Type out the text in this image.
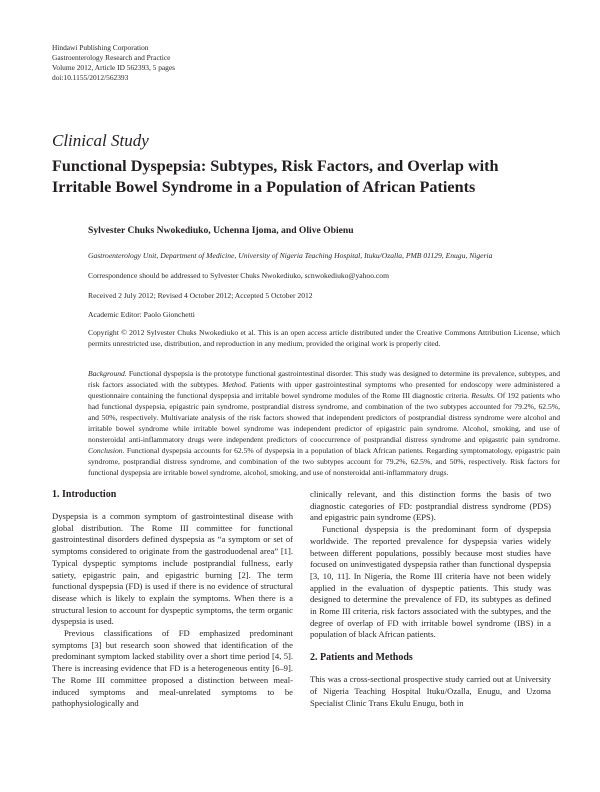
Hindawi Publishing Corporation
Gastroenterology Research and Practice
Volume 2012, Article ID 562393, 5 pages
doi:10.1155/2012/562393
Clinical Study
Functional Dyspepsia: Subtypes, Risk Factors, and Overlap with
Irritable Bowel Syndrome in a Population of African Patients
Sylvester Chuks Nwokediuko, Uchenna Ijoma, and Olive Obienu
Gastroenterology Unit, Department of Medicine, University of Nigeria Teaching Hospital, Ituku/Ozalla, PMB 01129, Enugu, Nigeria
Correspondence should be addressed to Sylvester Chuks Nwokediuko, scnwokediuko@yahoo.com
Received 2 July 2012; Revised 4 October 2012; Accepted 5 October 2012
Academic Editor: Paolo Gionchetti
Copyright © 2012 Sylvester Chuks Nwokediuko et al. This is an open access article distributed under the Creative Commons Attribution License, which permits unrestricted use, distribution, and reproduction in any medium, provided the original work is properly cited.
Background. Functional dyspepsia is the prototype functional gastrointestinal disorder. This study was designed to determine its prevalence, subtypes, and risk factors associated with the subtypes. Method. Patients with upper gastrointestinal symptoms who presented for endoscopy were administered a questionnaire containing the functional dyspepsia and irritable bowel syndrome modules of the Rome III diagnostic criteria. Results. Of 192 patients who had functional dyspepsia, epigastric pain syndrome, postprandial distress syndrome, and combination of the two subtypes accounted for 79.2%, 62.5%, and 50%, respectively. Multivariate analysis of the risk factors showed that independent predictors of postprandial distress syndrome were alcohol and irritable bowel syndrome while irritable bowel syndrome was independent predictor of epigastric pain syndrome. Alcohol, smoking, and use of nonsteroidal anti-inflammatory drugs were independent predictors of cooccurrence of postprandial distress syndrome and epigastric pain syndrome. Conclusion. Functional dyspepsia accounts for 62.5% of dyspepsia in a population of black African patients. Regarding symptomatology, epigastric pain syndrome, postprandial distress syndrome, and combination of the two subtypes account for 79.2%, 62.5%, and 50%, respectively. Risk factors for functional dyspepsia are irritable bowel syndrome, alcohol, smoking, and use of nonsteroidal anti-inflammatory drugs.
1. Introduction

Dyspepsia is a common symptom of gastrointestinal disease with global distribution. The Rome III committee for functional gastrointestinal disorders defined dyspepsia as “a symptom or set of symptoms considered to originate from the gastroduodenal area” [1]. Typical dyspeptic symptoms include postprandial fullness, early satiety, epigastric pain, and epigastric burning [2]. The term functional dyspepsia (FD) is used if there is no evidence of structural disease which is likely to explain the symptoms. When there is a structural lesion to account for dyspeptic symptoms, the term organic dyspepsia is used.

Previous classifications of FD emphasized predominant symptoms [3] but research soon showed that identification of the predominant symptom lacked stability over a short time period [4, 5]. There is increasing evidence that FD is a heterogeneous entity [6–9]. The Rome III committee proposed a distinction between meal-induced symptoms and meal-unrelated symptoms to be pathophysiologically and

clinically relevant, and this distinction forms the basis of two diagnostic categories of FD: postprandial distress syndrome (PDS) and epigastric pain syndrome (EPS).

Functional dyspepsia is the predominant form of dyspepsia worldwide. The reported prevalence for dyspepsia varies widely between different populations, possibly because most studies have focused on uninvestigated dyspepsia rather than functional dyspepsia [3, 10, 11]. In Nigeria, the Rome III criteria have not been widely applied in the evaluation of dyspeptic patients. This study was designed to determine the prevalence of FD, its subtypes as defined in Rome III criteria, risk factors associated with the subtypes, and the degree of overlap of FD with irritable bowel syndrome (IBS) in a population of black African patients.

2. Patients and Methods

This was a cross-sectional prospective study carried out at University of Nigeria Teaching Hospital Ituku/Ozalla, Enugu, and Uzoma Specialist Clinic Trans Ekulu Enugu, both in
